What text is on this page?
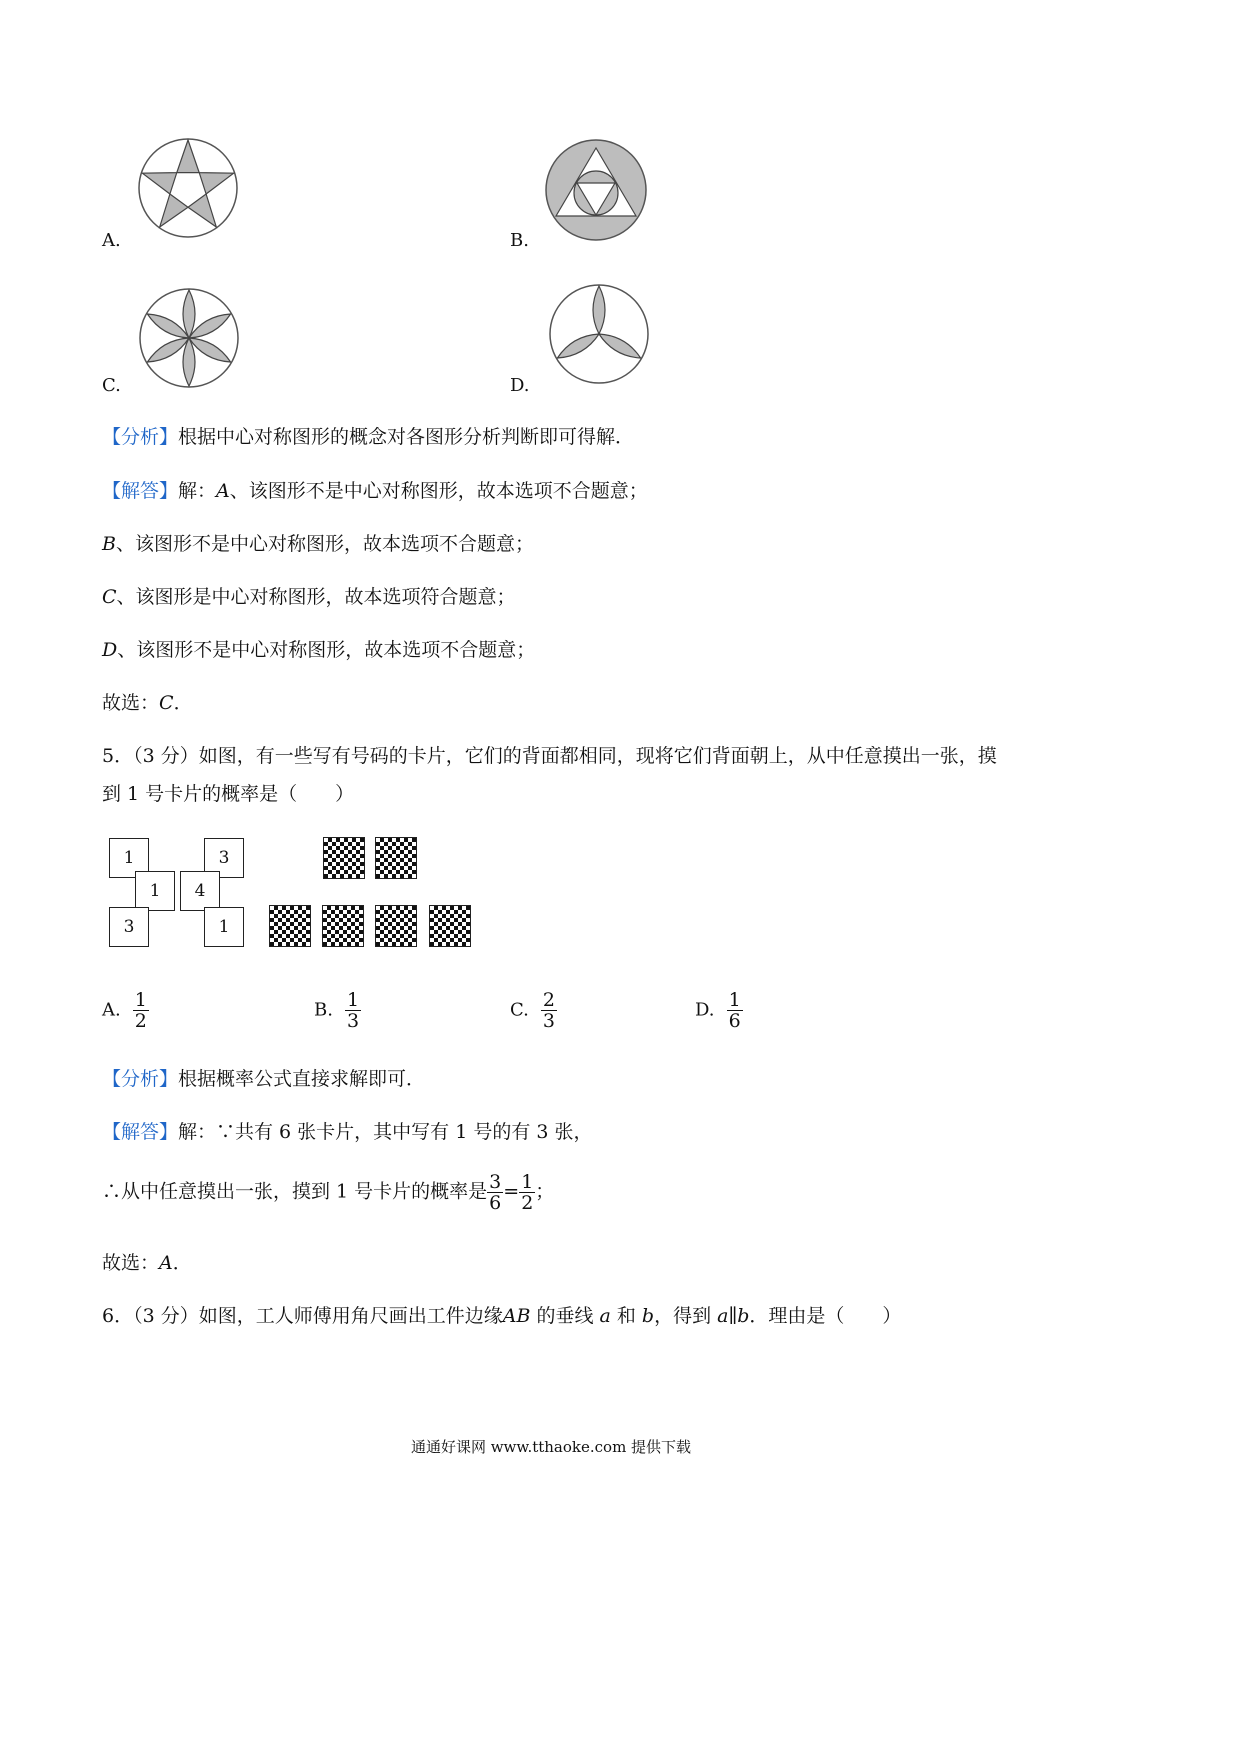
A.	B.
C.	D.
【分析】根据中心对称图形的概念对各图形分析判断即可得解．
【解答】解：A、该图形不是中心对称图形，故本选项不合题意；
B、该图形不是中心对称图形，故本选项不合题意；
C、该图形是中心对称图形，故本选项符合题意；
D、该图形不是中心对称图形，故本选项不合题意；
故选：C．
5．（3 分）如图，有一些写有号码的卡片，它们的背面都相同，现将它们背面朝上，从中任意摸出一张，摸
到 1 号卡片的概率是（　　）
1	3
1	4
3	1
A. $\frac{1}{2}$	B. $\frac{1}{3}$	C. $\frac{2}{3}$	D. $\frac{1}{6}$
【分析】根据概率公式直接求解即可．
【解答】解：∵共有 6 张卡片，其中写有 1 号的有 3 张，
∴从中任意摸出一张，摸到 1 号卡片的概率是 $\frac{3}{6} = \frac{1}{2}$ ；
故选：A．
6．（3 分）如图，工人师傅用角尺画出工件边缘AB 的垂线 a 和 b，得到 a∥b．理由是（　　）
通通好课网 www.tthaoke.com 提供下载
